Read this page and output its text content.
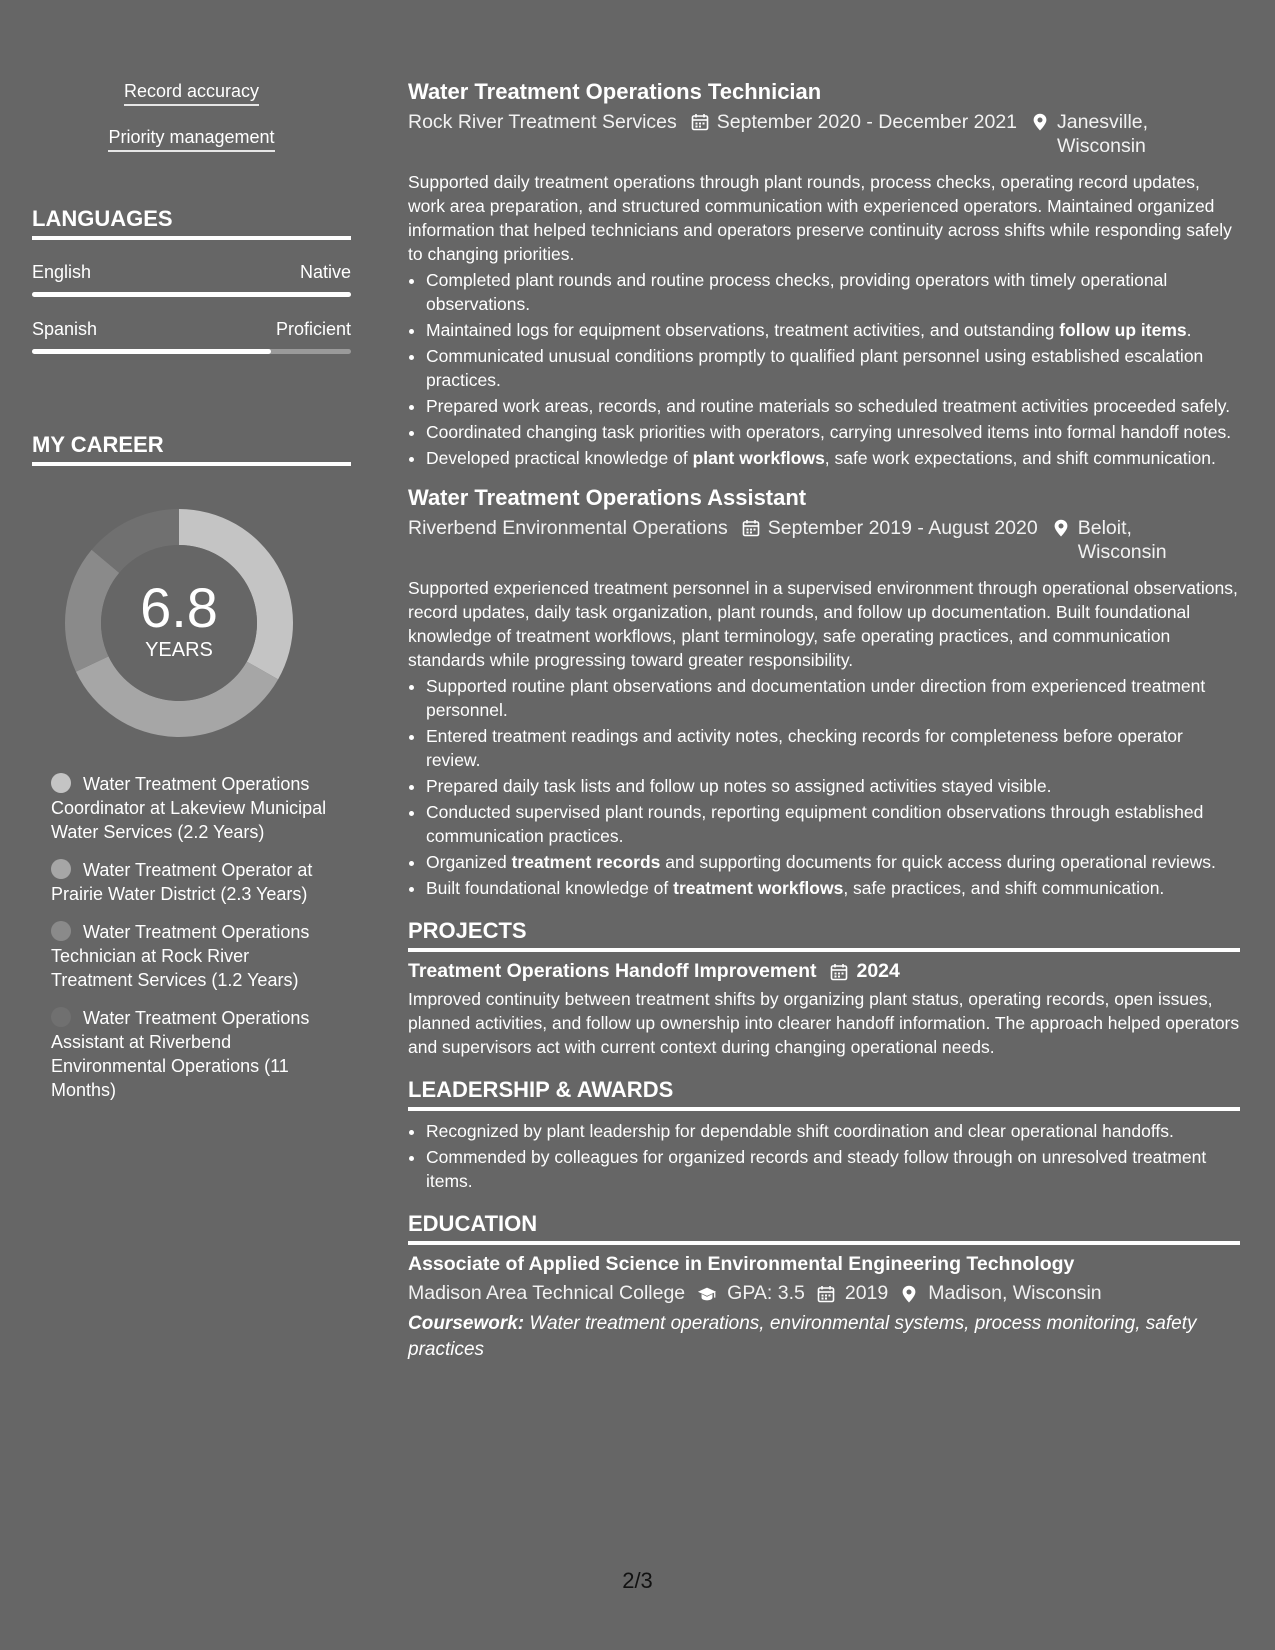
Record accuracy
Priority management
LANGUAGES
English	Native
Spanish	Proficient
MY CAREER
6.8
YEARS
Water Treatment Operations Coordinator at Lakeview Municipal Water Services (2.2 Years)
Water Treatment Operator at Prairie Water District (2.3 Years)
Water Treatment Operations Technician at Rock River Treatment Services (1.2 Years)
Water Treatment Operations Assistant at Riverbend Environmental Operations (11 Months)
Water Treatment Operations Technician
Rock River Treatment Services September 2020 - December 2021 Janesville, Wisconsin
Supported daily treatment operations through plant rounds, process checks, operating record updates, work area preparation, and structured communication with experienced operators. Maintained organized information that helped technicians and operators preserve continuity across shifts while responding safely to changing priorities.
• Completed plant rounds and routine process checks, providing operators with timely operational observations.
• Maintained logs for equipment observations, treatment activities, and outstanding follow up items.
• Communicated unusual conditions promptly to qualified plant personnel using established escalation practices.
• Prepared work areas, records, and routine materials so scheduled treatment activities proceeded safely.
• Coordinated changing task priorities with operators, carrying unresolved items into formal handoff notes.
• Developed practical knowledge of plant workflows, safe work expectations, and shift communication.
Water Treatment Operations Assistant
Riverbend Environmental Operations September 2019 - August 2020 Beloit, Wisconsin
Supported experienced treatment personnel in a supervised environment through operational observations, record updates, daily task organization, plant rounds, and follow up documentation. Built foundational knowledge of treatment workflows, plant terminology, safe operating practices, and communication standards while progressing toward greater responsibility.
• Supported routine plant observations and documentation under direction from experienced treatment personnel.
• Entered treatment readings and activity notes, checking records for completeness before operator review.
• Prepared daily task lists and follow up notes so assigned activities stayed visible.
• Conducted supervised plant rounds, reporting equipment condition observations through established communication practices.
• Organized treatment records and supporting documents for quick access during operational reviews.
• Built foundational knowledge of treatment workflows, safe practices, and shift communication.
PROJECTS
Treatment Operations Handoff Improvement 2024
Improved continuity between treatment shifts by organizing plant status, operating records, open issues, planned activities, and follow up ownership into clearer handoff information. The approach helped operators and supervisors act with current context during changing operational needs.
LEADERSHIP & AWARDS
• Recognized by plant leadership for dependable shift coordination and clear operational handoffs.
• Commended by colleagues for organized records and steady follow through on unresolved treatment items.
EDUCATION
Associate of Applied Science in Environmental Engineering Technology
Madison Area Technical College GPA: 3.5 2019 Madison, Wisconsin
Coursework: Water treatment operations, environmental systems, process monitoring, safety practices
2/3
